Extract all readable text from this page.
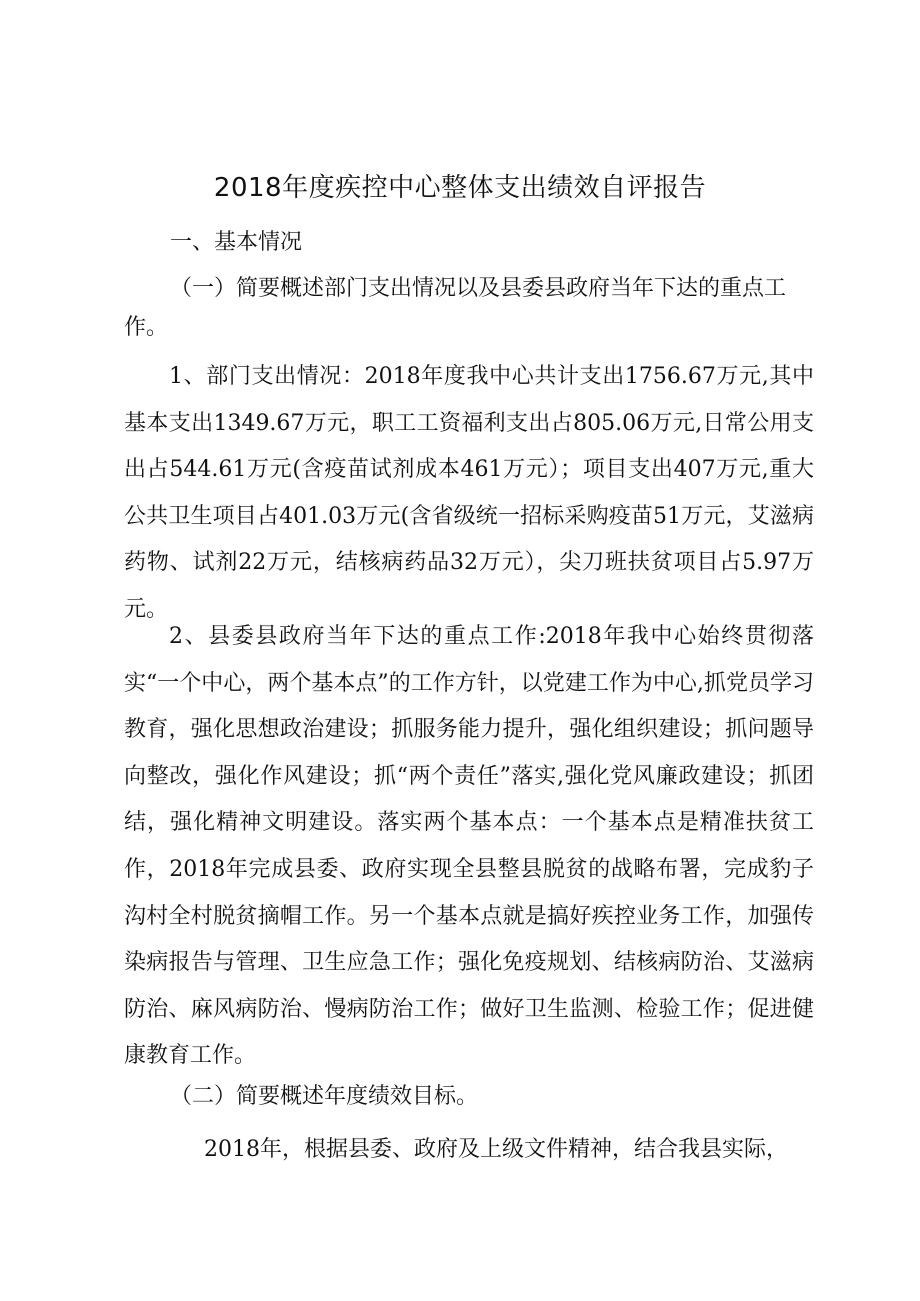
2018年度疾控中心整体支出绩效自评报告
一、基本情况
（一）简要概述部门支出情况以及县委县政府当年下达的重点工
作。
1、部门支出情况：2018年度我中心共计支出1756.67万元,其中基本支出1349.67万元，职工工资福利支出占805.06万元,日常公用支出占544.61万元(含疫苗试剂成本461万元）；项目支出407万元,重大公共卫生项目占401.03万元(含省级统一招标采购疫苗51万元，艾滋病药物、试剂22万元，结核病药品32万元），尖刀班扶贫项目占5.97万元。
2、县委县政府当年下达的重点工作:2018年我中心始终贯彻落实“一个中心，两个基本点”的工作方针，以党建工作为中心,抓党员学习教育，强化思想政治建设；抓服务能力提升，强化组织建设；抓问题导向整改，强化作风建设；抓“两个责任”落实,强化党风廉政建设；抓团结，强化精神文明建设。落实两个基本点：一个基本点是精准扶贫工作，2018年完成县委、政府实现全县整县脱贫的战略布署，完成豹子沟村全村脱贫摘帽工作。另一个基本点就是搞好疾控业务工作，加强传染病报告与管理、卫生应急工作；强化免疫规划、结核病防治、艾滋病防治、麻风病防治、慢病防治工作；做好卫生监测、检验工作；促进健康教育工作。
（二）简要概述年度绩效目标。
2018年，根据县委、政府及上级文件精神，结合我县实际，
